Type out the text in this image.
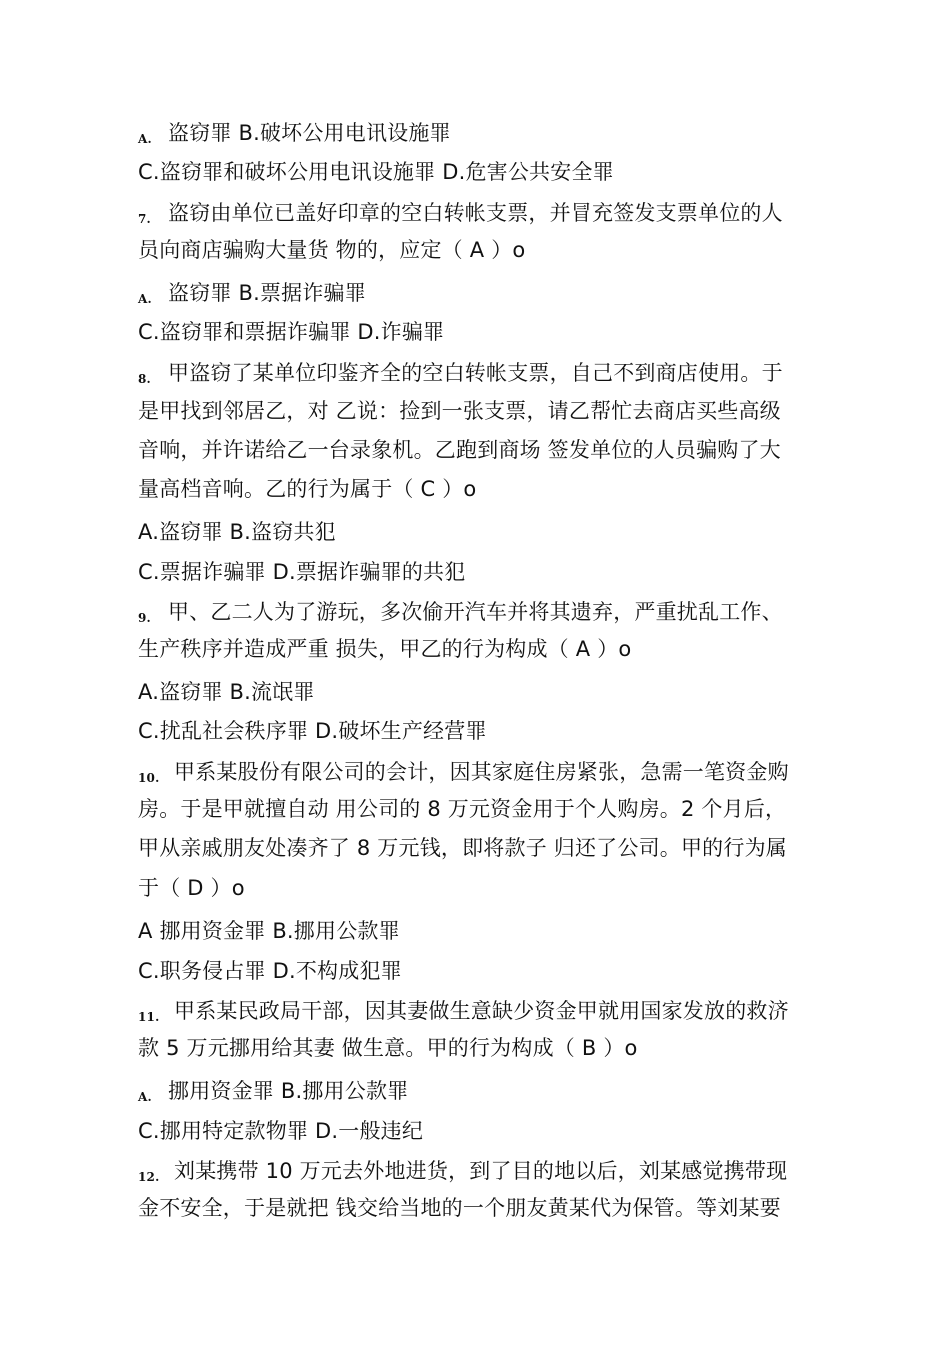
A. 盗窃罪 B.破坏公用电讯设施罪
C.盗窃罪和破坏公用电讯设施罪 D.危害公共安全罪
7. 盗窃由单位已盖好印章的空白转帐支票，并冒充签发支票单位的人
员向商店骗购大量货 物的，应定（ A ）o
A. 盗窃罪 B.票据诈骗罪
C.盗窃罪和票据诈骗罪 D.诈骗罪
8. 甲盗窃了某单位印鉴齐全的空白转帐支票，自己不到商店使用。于
是甲找到邻居乙，对 乙说：捡到一张支票，请乙帮忙去商店买些高级
音响，并许诺给乙一台录象机。乙跑到商场 签发单位的人员骗购了大
量高档音响。乙的行为属于（ C ）o
A.盗窃罪 B.盗窃共犯
C.票据诈骗罪 D.票据诈骗罪的共犯
9. 甲、乙二人为了游玩，多次偷开汽车并将其遗弃，严重扰乱工作、
生产秩序并造成严重 损失，甲乙的行为构成（ A ）o
A.盗窃罪 B.流氓罪
C.扰乱社会秩序罪 D.破坏生产经营罪
10. 甲系某股份有限公司的会计，因其家庭住房紧张，急需一笔资金购
房。于是甲就擅自动 用公司的 8 万元资金用于个人购房。2 个月后，
甲从亲戚朋友处凑齐了 8 万元钱，即将款子 归还了公司。甲的行为属
于（ D ）o
A 挪用资金罪 B.挪用公款罪
C.职务侵占罪 D.不构成犯罪
11. 甲系某民政局干部，因其妻做生意缺少资金甲就用国家发放的救济
款 5 万元挪用给其妻 做生意。甲的行为构成（ B ）o
A. 挪用资金罪 B.挪用公款罪
C.挪用特定款物罪 D.一般违纪
12. 刘某携带 10 万元去外地进货，到了目的地以后，刘某感觉携带现
金不安全，于是就把 钱交给当地的一个朋友黄某代为保管。等刘某要
